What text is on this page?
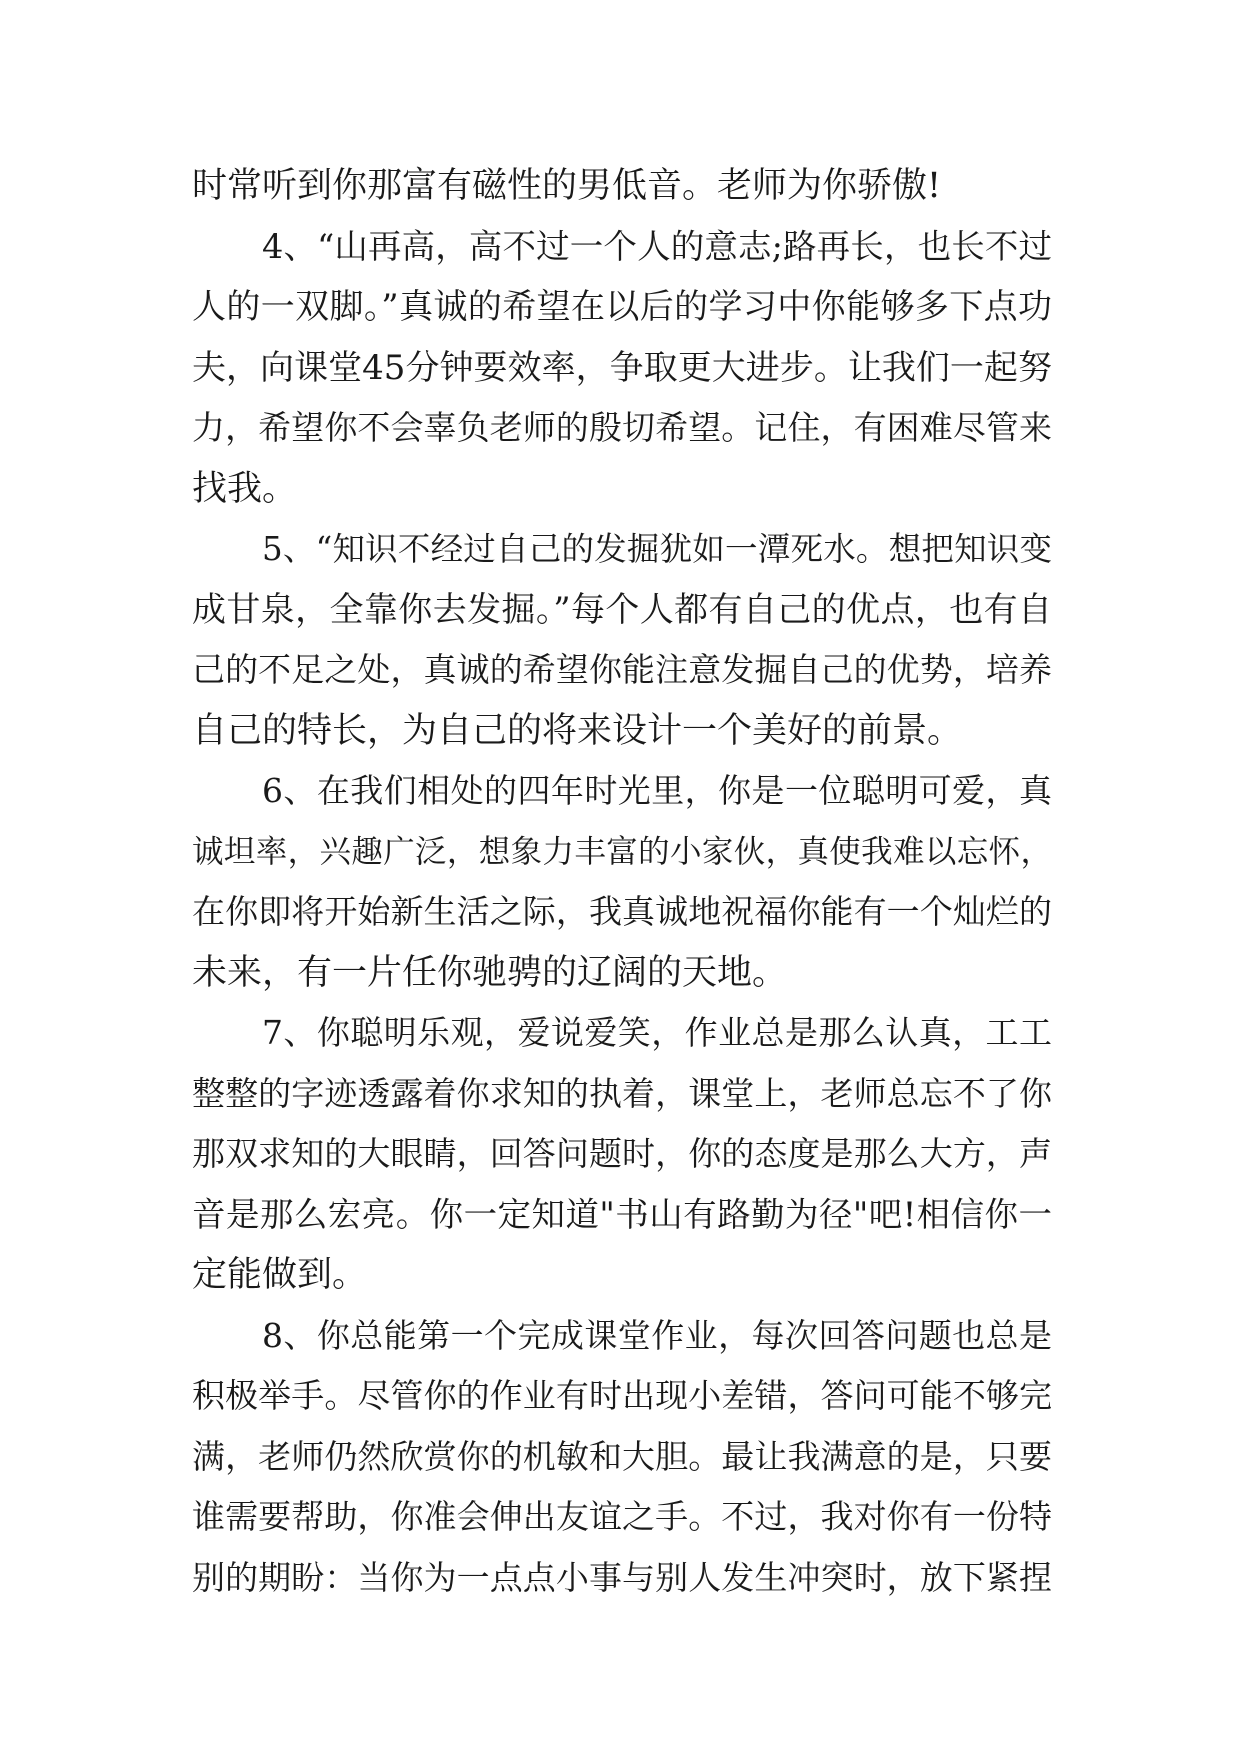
时常听到你那富有磁性的男低音。老师为你骄傲!
4、“山再高，高不过一个人的意志;路再长，也长不过
人的一双脚。”真诚的希望在以后的学习中你能够多下点功
夫，向课堂45分钟要效率，争取更大进步。让我们一起努
力，希望你不会辜负老师的殷切希望。记住，有困难尽管来
找我。
5、“知识不经过自己的发掘犹如一潭死水。想把知识变
成甘泉，全靠你去发掘。”每个人都有自己的优点，也有自
己的不足之处，真诚的希望你能注意发掘自己的优势，培养
自己的特长，为自己的将来设计一个美好的前景。
6、在我们相处的四年时光里，你是一位聪明可爱，真
诚坦率，兴趣广泛，想象力丰富的小家伙，真使我难以忘怀，
在你即将开始新生活之际，我真诚地祝福你能有一个灿烂的
未来，有一片任你驰骋的辽阔的天地。
7、你聪明乐观，爱说爱笑，作业总是那么认真，工工
整整的字迹透露着你求知的执着，课堂上，老师总忘不了你
那双求知的大眼睛，回答问题时，你的态度是那么大方，声
音是那么宏亮。你一定知道"书山有路勤为径"吧!相信你一
定能做到。
8、你总能第一个完成课堂作业，每次回答问题也总是
积极举手。尽管你的作业有时出现小差错，答问可能不够完
满，老师仍然欣赏你的机敏和大胆。最让我满意的是，只要
谁需要帮助，你准会伸出友谊之手。不过，我对你有一份特
别的期盼：当你为一点点小事与别人发生冲突时，放下紧捏
